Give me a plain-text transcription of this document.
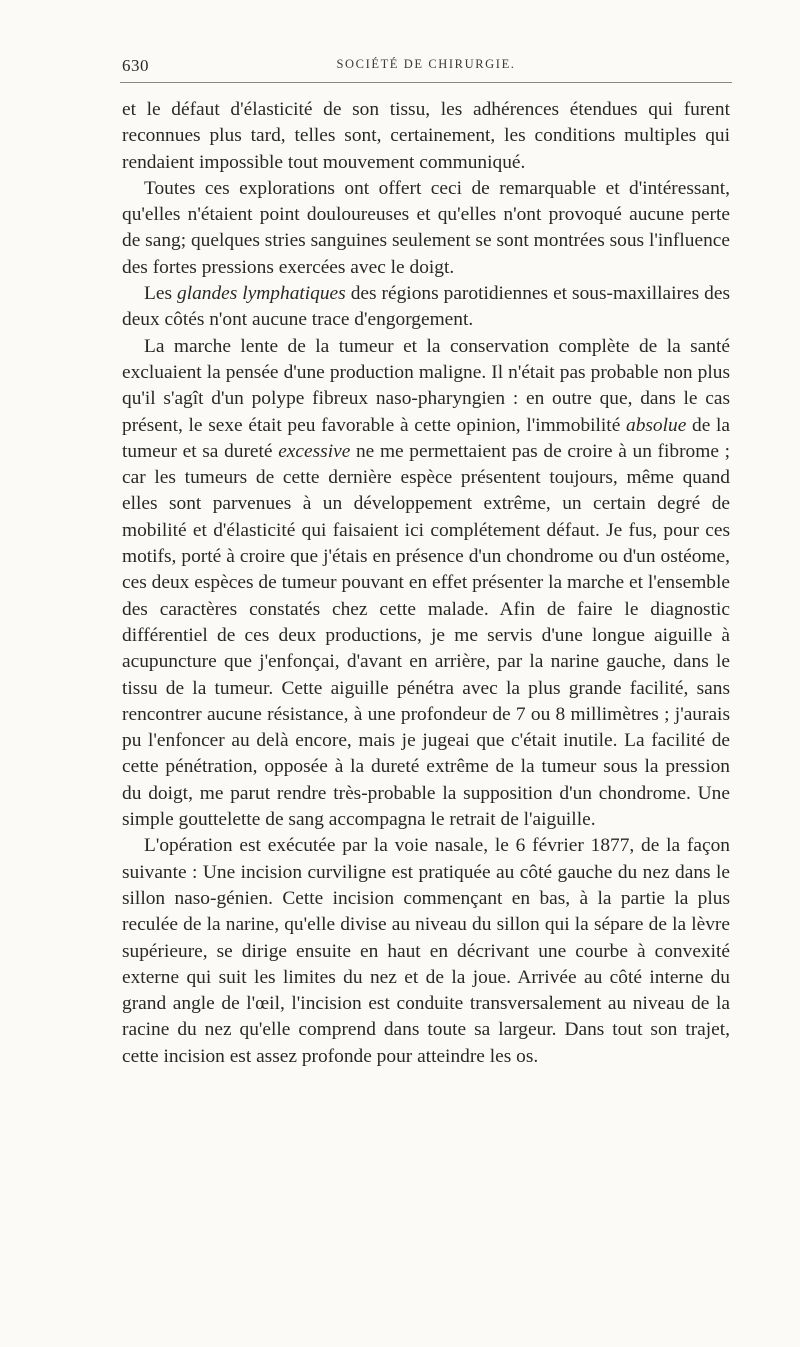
630	SOCIÉTÉ DE CHIRURGIE.

et le défaut d'élasticité de son tissu, les adhérences étendues qui furent reconnues plus tard, telles sont, certainement, les conditions multiples qui rendaient impossible tout mouvement communiqué.

Toutes ces explorations ont offert ceci de remarquable et d'intéressant, qu'elles n'étaient point douloureuses et qu'elles n'ont provoqué aucune perte de sang; quelques stries sanguines seulement se sont montrées sous l'influence des fortes pressions exercées avec le doigt.

Les glandes lymphatiques des régions parotidiennes et sous-maxillaires des deux côtés n'ont aucune trace d'engorgement.

La marche lente de la tumeur et la conservation complète de la santé excluaient la pensée d'une production maligne. Il n'était pas probable non plus qu'il s'agît d'un polype fibreux naso-pharyngien : en outre que, dans le cas présent, le sexe était peu favorable à cette opinion, l'immobilité absolue de la tumeur et sa dureté excessive ne me permettaient pas de croire à un fibrome ; car les tumeurs de cette dernière espèce présentent toujours, même quand elles sont parvenues à un développement extrême, un certain degré de mobilité et d'élasticité qui faisaient ici complétement défaut. Je fus, pour ces motifs, porté à croire que j'étais en présence d'un chondrome ou d'un ostéome, ces deux espèces de tumeur pouvant en effet présenter la marche et l'ensemble des caractères constatés chez cette malade. Afin de faire le diagnostic différentiel de ces deux productions, je me servis d'une longue aiguille à acupuncture que j'enfonçai, d'avant en arrière, par la narine gauche, dans le tissu de la tumeur. Cette aiguille pénétra avec la plus grande facilité, sans rencontrer aucune résistance, à une profondeur de 7 ou 8 millimètres ; j'aurais pu l'enfoncer au delà encore, mais je jugeai que c'était inutile. La facilité de cette pénétration, opposée à la dureté extrême de la tumeur sous la pression du doigt, me parut rendre très-probable la supposition d'un chondrome. Une simple gouttelette de sang accompagna le retrait de l'aiguille.

L'opération est exécutée par la voie nasale, le 6 février 1877, de la façon suivante : Une incision curviligne est pratiquée au côté gauche du nez dans le sillon naso-génien. Cette incision commençant en bas, à la partie la plus reculée de la narine, qu'elle divise au niveau du sillon qui la sépare de la lèvre supérieure, se dirige ensuite en haut en décrivant une courbe à convexité externe qui suit les limites du nez et de la joue. Arrivée au côté interne du grand angle de l'œil, l'incision est conduite transversalement au niveau de la racine du nez qu'elle comprend dans toute sa largeur. Dans tout son trajet, cette incision est assez profonde pour atteindre les os.
